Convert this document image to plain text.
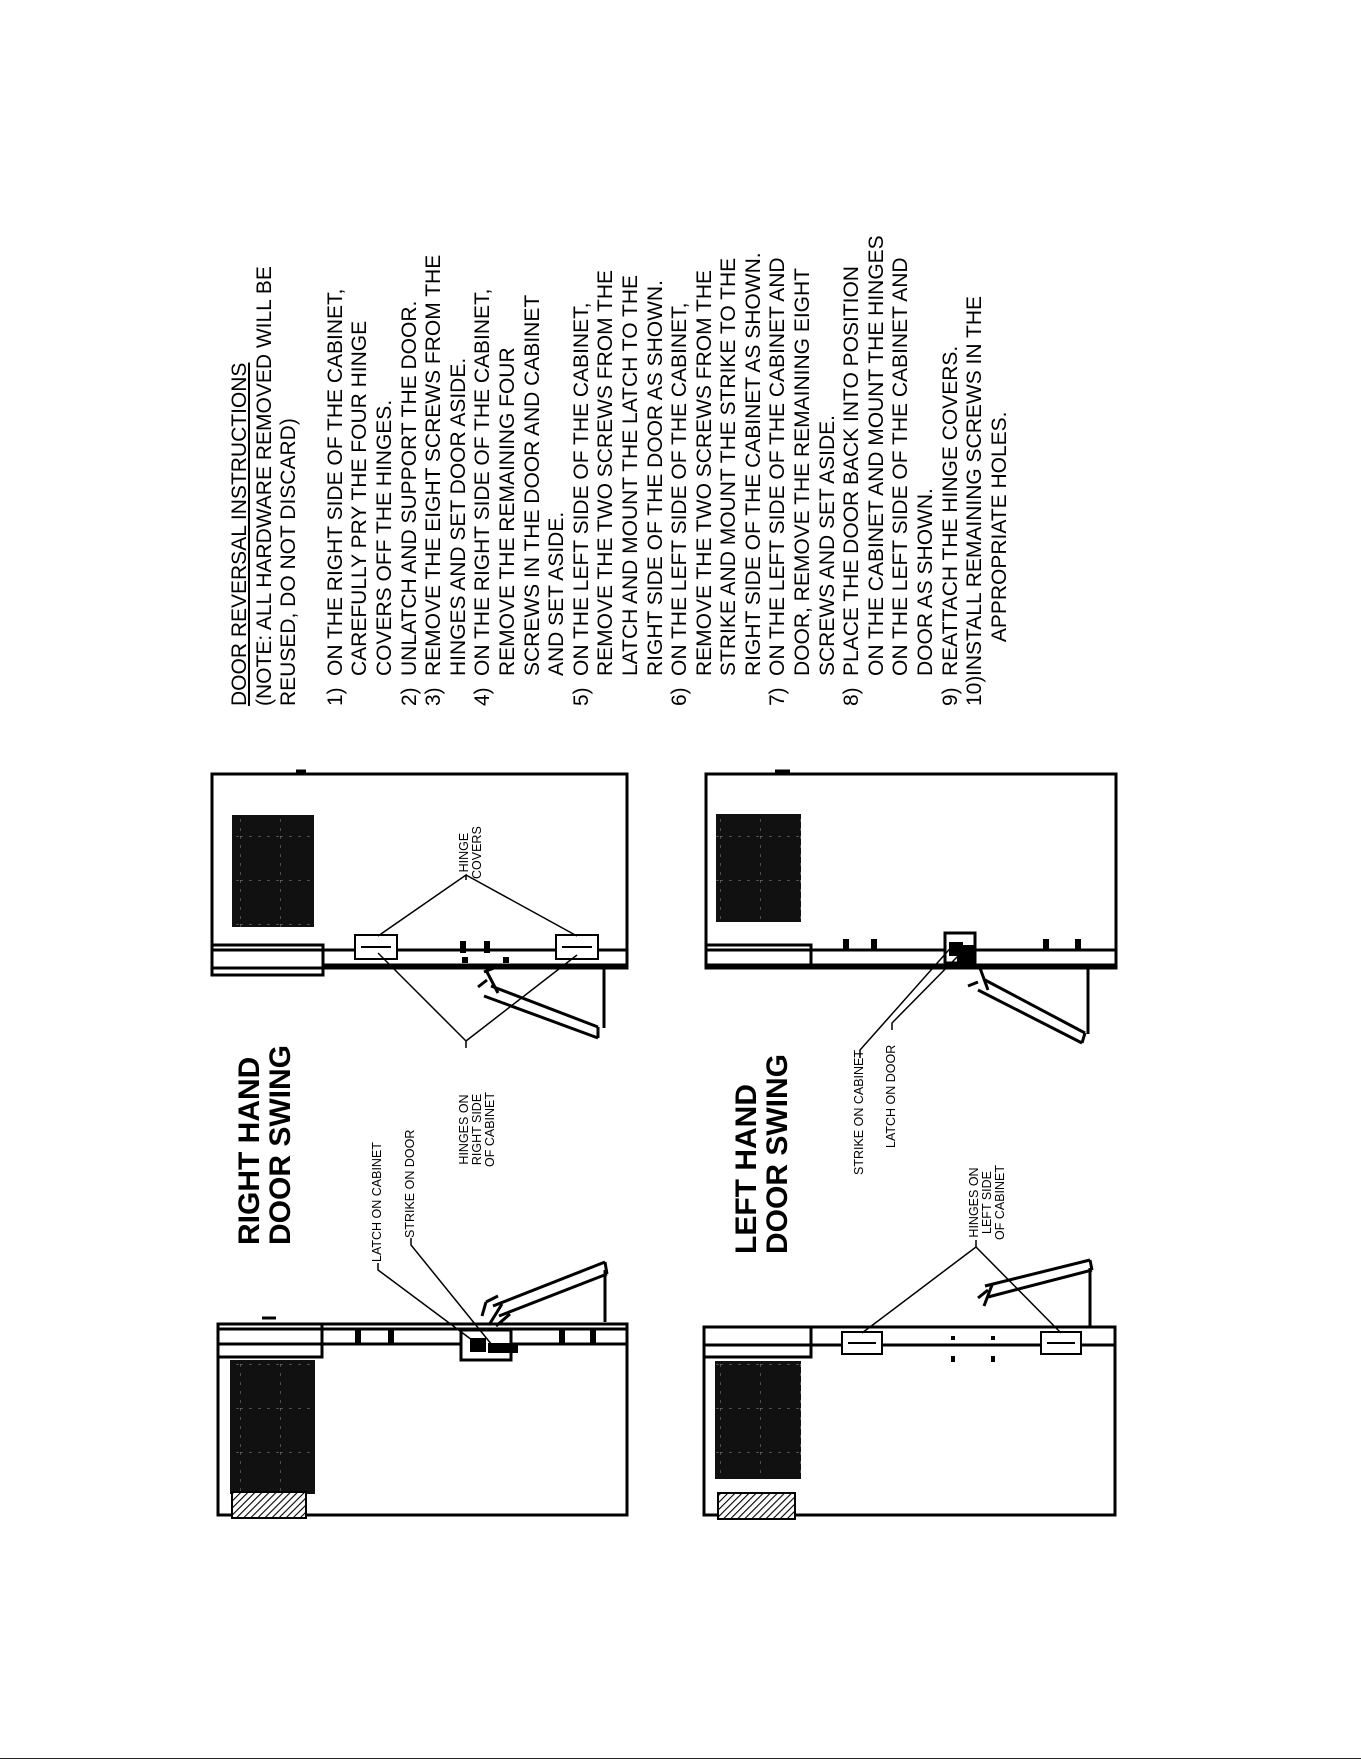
DOOR REVERSAL INSTRUCTIONS (NOTE: ALL HARDWARE REMOVED WILL BE REUSED, DO NOT DISCARD) 1)
ON THE RIGHT SIDE OF THE CABINET, CAREFULLY PRY THE FOUR HINGE COVERS OFF THE HINGES.
2)
UNLATCH AND SUPPORT THE DOOR.
3)
REMOVE THE EIGHT SCREWS FROM THE HINGES AND SET DOOR ASIDE.
4)
ON THE RIGHT SIDE OF THE CABINET, REMOVE THE REMAINING FOUR SCREWS IN THE DOOR AND CABINET AND SET ASIDE.
5)
ON THE LEFT SIDE OF THE CABINET, REMOVE THE TWO SCREWS FROM THE LATCH AND MOUNT THE LATCH TO THE RIGHT SIDE OF THE DOOR AS SHOWN.
6)
ON THE LEFT SIDE OF THE CABINET, REMOVE THE TWO SCREWS FROM THE STRIKE AND MOUNT THE STRIKE TO THE RIGHT SIDE OF THE CABINET AS SHOWN.
7)
ON THE LEFT SIDE OF THE CABINET AND DOOR, REMOVE THE REMAINING EIGHT SCREWS AND SET ASIDE.
8)
PLACE THE DOOR BACK INTO POSITION ON THE CABINET AND MOUNT THE HINGES ON THE LEFT SIDE OF THE CABINET AND DOOR AS SHOWN.
9)
REATTACH THE HINGE COVERS.
10)
INSTALL REMAINING SCREWS IN THE APPROPRIATE HOLES.
RIGHT HAND
DOOR SWING	LATCH ON CABINET STRIKE ON DOOR
HINGES ON RIGHT SIDE OF CABINET
HINGE COVERS
LEFT HAND
DOOR SWING	STRIKE ON CABINET LATCH ON DOOR
HINGES ON LEFT SIDE OF CABINET
